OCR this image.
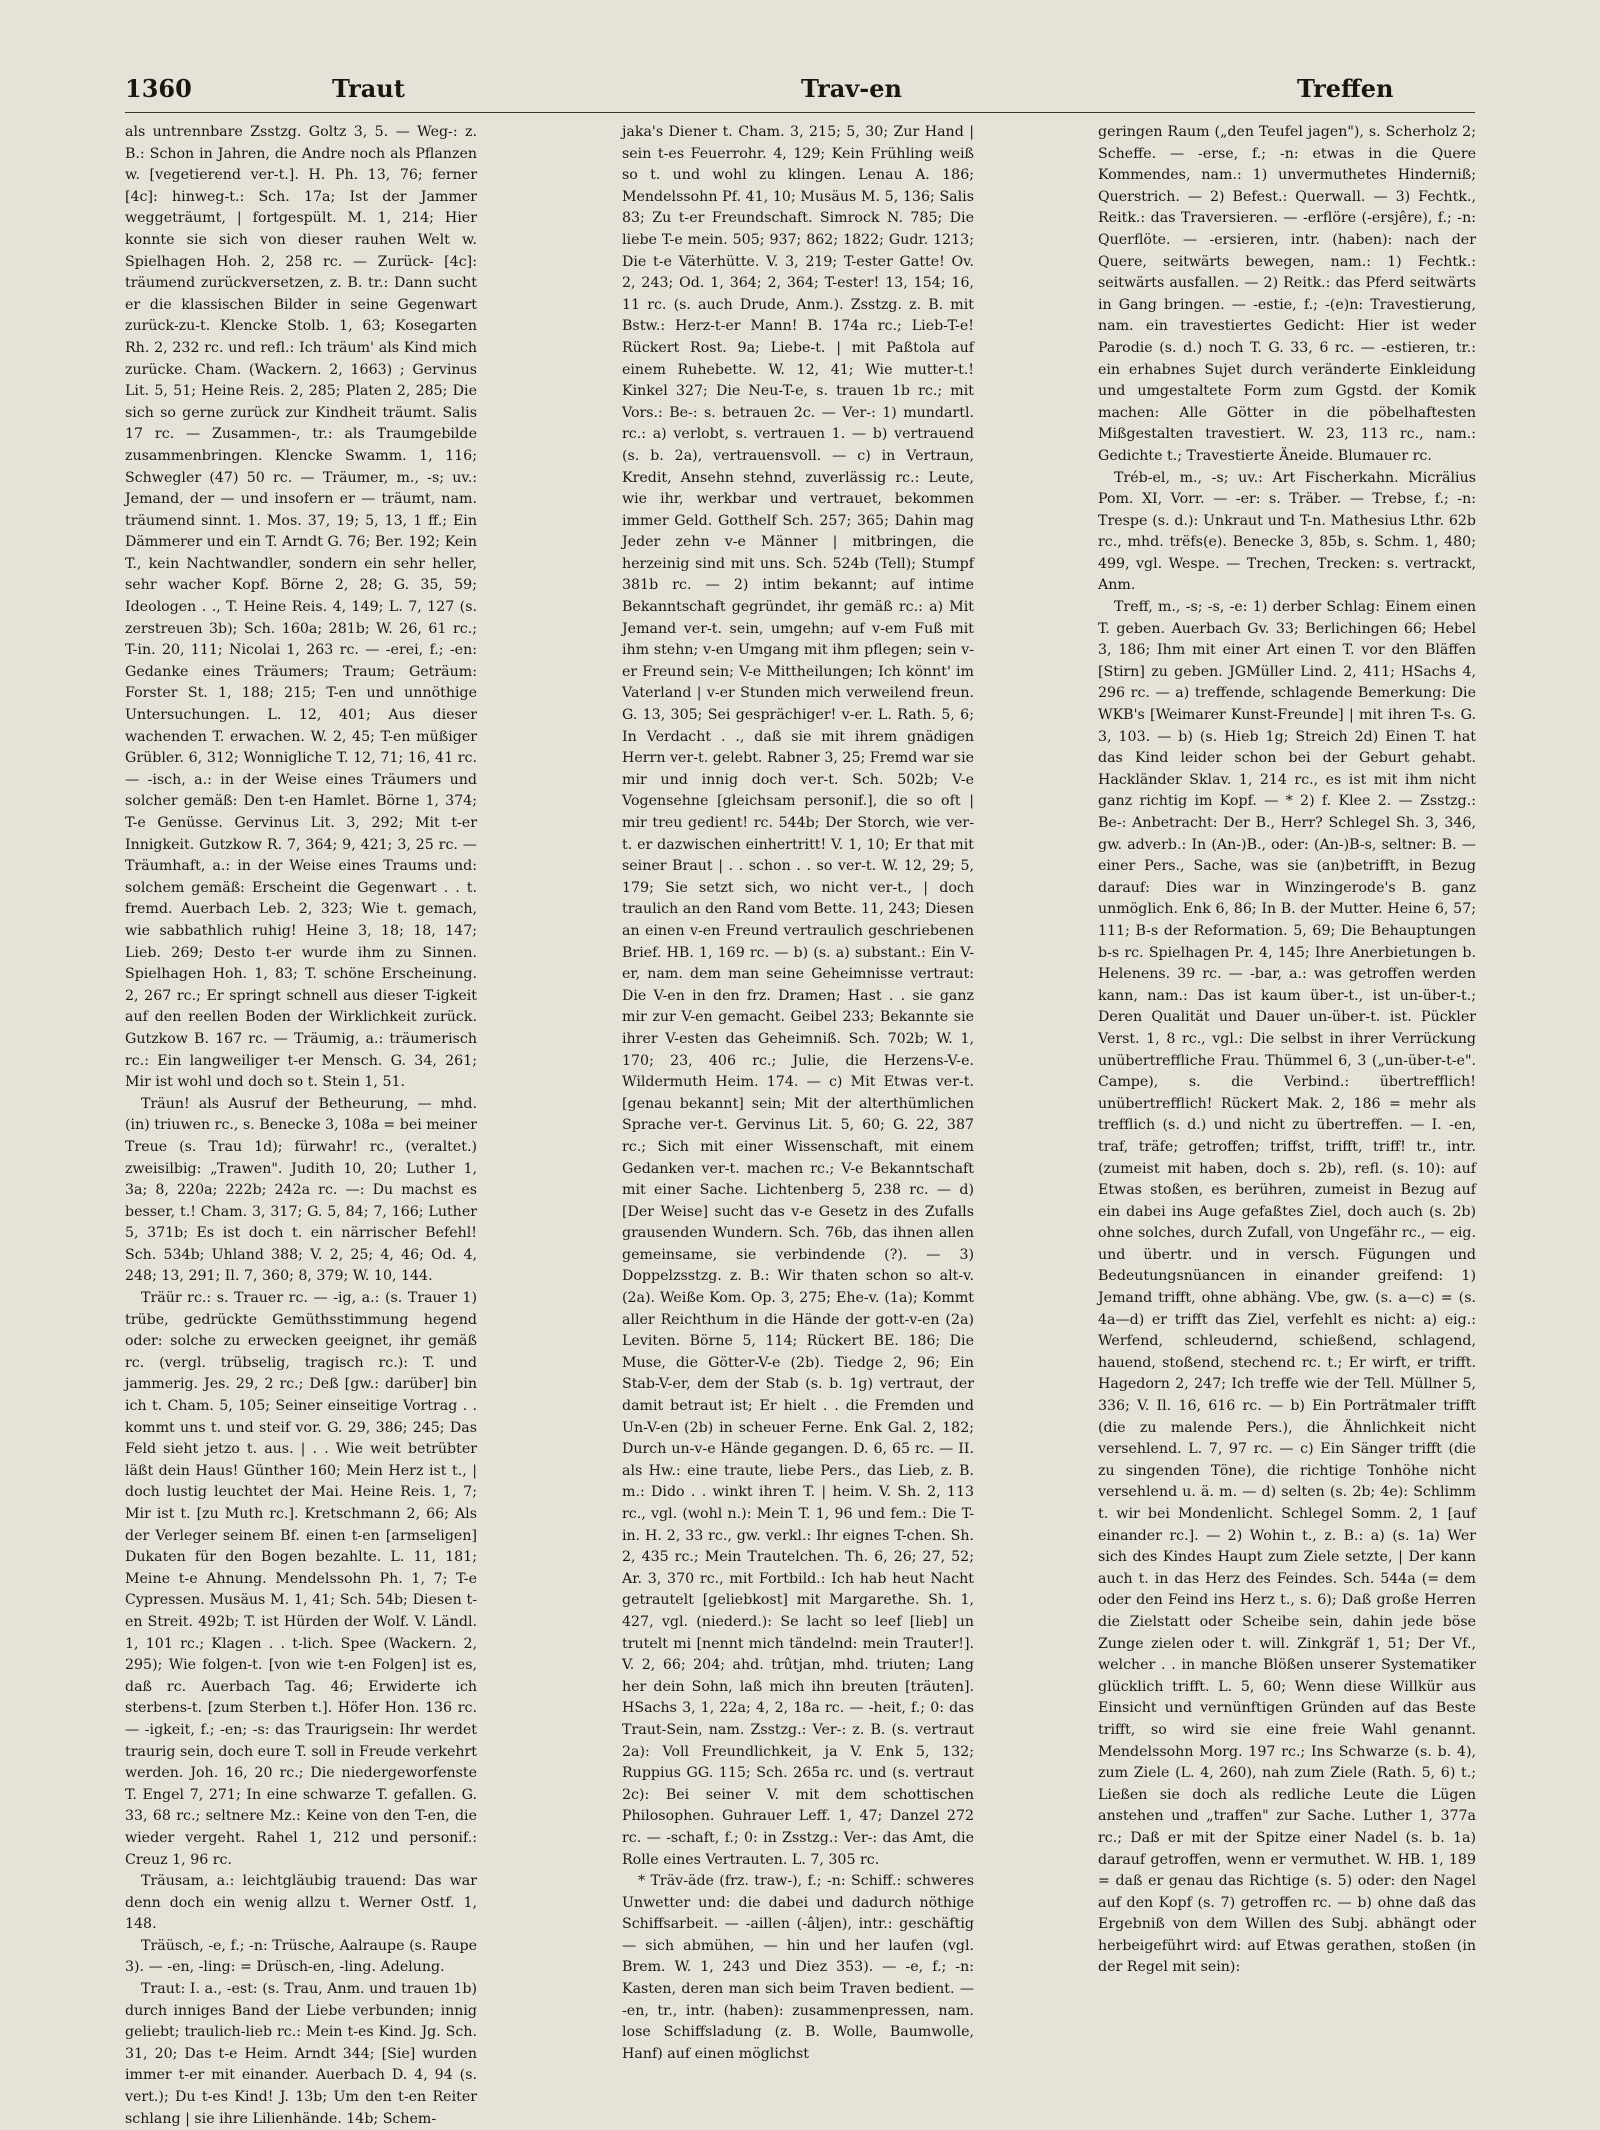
1360	Traut	Trav-en	Treffen

als untrennbare Zsstzg. Goltz 3, 5. — Weg-: z. B.: Schon in Jahren, die Andre noch als Pflanzen w. [vegetierend ver-t.]. H. Ph. 13, 76; ferner [4c]: hinweg-t.: Sch. 17a; Ist der Jammer weggeträumt, | fortgespült. M. 1, 214; Hier konnte sie sich von dieser rauhen Welt w. Spielhagen Hoh. 2, 258 rc. — Zurück- [4c]: träumend zurückversetzen, z. B. tr.: Dann sucht er die klassischen Bilder in seine Gegenwart zurück-zu-t. Klencke Stolb. 1, 63; Kosegarten Rh. 2, 232 rc. und refl.: Ich träum' als Kind mich zurücke. Cham. (Wackern. 2, 1663) ; Gervinus Lit. 5, 51; Heine Reis. 2, 285; Platen 2, 285; Die sich so gerne zurück zur Kindheit träumt. Salis 17 rc. — Zusammen-, tr.: als Traumgebilde zusammenbringen. Klencke Swamm. 1, 116; Schwegler (47) 50 rc. — Träumer, m., -s; uv.: Jemand, der — und insofern er — träumt, nam. träumend sinnt. 1. Mos. 37, 19; 5, 13, 1 ff.; Ein Dämmerer und ein T. Arndt G. 76; Ber. 192; Kein T., kein Nachtwandler, sondern ein sehr heller, sehr wacher Kopf. Börne 2, 28; G. 35, 59; Ideologen . ., T. Heine Reis. 4, 149; L. 7, 127 (s. zerstreuen 3b); Sch. 160a; 281b; W. 26, 61 rc.; T-in. 20, 111; Nicolai 1, 263 rc. — -erei, f.; -en: Gedanke eines Träumers; Traum; Geträum: Forster St. 1, 188; 215; T-en und unnöthige Untersuchungen. L. 12, 401; Aus dieser wachenden T. erwachen. W. 2, 45; T-en müßiger Grübler. 6, 312; Wonnigliche T. 12, 71; 16, 41 rc. — -isch, a.: in der Weise eines Träumers und solcher gemäß: Den t-en Hamlet. Börne 1, 374; T-e Genüsse. Gervinus Lit. 3, 292; Mit t-er Innigkeit. Gutzkow R. 7, 364; 9, 421; 3, 25 rc. — Träumhaft, a.: in der Weise eines Traums und: solchem gemäß: Erscheint die Gegenwart . . t. fremd. Auerbach Leb. 2, 323; Wie t. gemach, wie sabbathlich ruhig! Heine 3, 18; 18, 147; Lieb. 269; Desto t-er wurde ihm zu Sinnen. Spielhagen Hoh. 1, 83; T. schöne Erscheinung. 2, 267 rc.; Er springt schnell aus dieser T-igkeit auf den reellen Boden der Wirklichkeit zurück. Gutzkow B. 167 rc. — Träumig, a.: träumerisch rc.: Ein langweiliger t-er Mensch. G. 34, 261; Mir ist wohl und doch so t. Stein 1, 51.

Träun! als Ausruf der Betheurung, — mhd. (in) triuwen rc., s. Benecke 3, 108a = bei meiner Treue (s. Trau 1d); fürwahr! rc., (veraltet.) zweisilbig: „Trawen". Judith 10, 20; Luther 1, 3a; 8, 220a; 222b; 242a rc. —: Du machst es besser, t.! Cham. 3, 317; G. 5, 84; 7, 166; Luther 5, 371b; Es ist doch t. ein närrischer Befehl! Sch. 534b; Uhland 388; V. 2, 25; 4, 46; Od. 4, 248; 13, 291; Il. 7, 360; 8, 379; W. 10, 144.

Träür rc.: s. Trauer rc. — -ig, a.: (s. Trauer 1) trübe, gedrückte Gemüthsstimmung hegend oder: solche zu erwecken geeignet, ihr gemäß rc. (vergl. trübselig, tragisch rc.): T. und jammerig. Jes. 29, 2 rc.; Deß [gw.: darüber] bin ich t. Cham. 5, 105; Seiner einseitige Vortrag . . kommt uns t. und steif vor. G. 29, 386; 245; Das Feld sieht jetzo t. aus. | . . Wie weit betrübter läßt dein Haus! Günther 160; Mein Herz ist t., | doch lustig leuchtet der Mai. Heine Reis. 1, 7; Mir ist t. [zu Muth rc.]. Kretschmann 2, 66; Als der Verleger seinem Bf. einen t-en [armseligen] Dukaten für den Bogen bezahlte. L. 11, 181; Meine t-e Ahnung. Mendelssohn Ph. 1, 7; T-e Cypressen. Musäus M. 1, 41; Sch. 54b; Diesen t-en Streit. 492b; T. ist Hürden der Wolf. V. Ländl. 1, 101 rc.; Klagen . . t-lich. Spee (Wackern. 2, 295); Wie folgen-t. [von wie t-en Folgen] ist es, daß rc. Auerbach Tag. 46; Erwiderte ich sterbens-t. [zum Sterben t.]. Höfer Hon. 136 rc. — -igkeit, f.; -en; -s: das Traurigsein: Ihr werdet traurig sein, doch eure T. soll in Freude verkehrt werden. Joh. 16, 20 rc.; Die niedergeworfenste T. Engel 7, 271; In eine schwarze T. gefallen. G. 33, 68 rc.; seltnere Mz.: Keine von den T-en, die wieder vergeht. Rahel 1, 212 und personif.: Creuz 1, 96 rc.

Träusam, a.: leichtgläubig trauend: Das war denn doch ein wenig allzu t. Werner Ostf. 1, 148.

Träüsch, -e, f.; -n: Trüsche, Aalraupe (s. Raupe 3). — -en, -ling: = Drüsch-en, -ling. Adelung.

Traut: I. a., -est: (s. Trau, Anm. und trauen 1b) durch inniges Band der Liebe verbunden; innig geliebt; traulich-lieb rc.: Mein t-es Kind. Jg. Sch. 31, 20; Das t-e Heim. Arndt 344; [Sie] wurden immer t-er mit einander. Auerbach D. 4, 94 (s. vert.); Du t-es Kind! J. 13b; Um den t-en Reiter schlang | sie ihre Lilienhände. 14b; Schem-

jaka's Diener t. Cham. 3, 215; 5, 30; Zur Hand | sein t-es Feuerrohr. 4, 129; Kein Frühling weiß so t. und wohl zu klingen. Lenau A. 186; Mendelssohn Pf. 41, 10; Musäus M. 5, 136; Salis 83; Zu t-er Freundschaft. Simrock N. 785; Die liebe T-e mein. 505; 937; 862; 1822; Gudr. 1213; Die t-e Väterhütte. V. 3, 219; T-ester Gatte! Ov. 2, 243; Od. 1, 364; 2, 364; T-ester! 13, 154; 16, 11 rc. (s. auch Drude, Anm.). Zsstzg. z. B. mit Bstw.: Herz-t-er Mann! B. 174a rc.; Lieb-T-e! Rückert Rost. 9a; Liebe-t. | mit Paßtola auf einem Ruhebette. W. 12, 41; Wie mutter-t.! Kinkel 327; Die Neu-T-e, s. trauen 1b rc.; mit Vors.: Be-: s. betrauen 2c. — Ver-: 1) mundartl. rc.: a) verlobt, s. vertrauen 1. — b) vertrauend (s. b. 2a), vertrauensvoll. — c) in Vertraun, Kredit, Ansehn stehnd, zuverlässig rc.: Leute, wie ihr, werkbar und vertrauet, bekommen immer Geld. Gotthelf Sch. 257; 365; Dahin mag Jeder zehn v-e Männer | mitbringen, die herzeinig sind mit uns. Sch. 524b (Tell); Stumpf 381b rc. — 2) intim bekannt; auf intime Bekanntschaft gegründet, ihr gemäß rc.: a) Mit Jemand ver-t. sein, umgehn; auf v-em Fuß mit ihm stehn; v-en Umgang mit ihm pflegen; sein v-er Freund sein; V-e Mittheilungen; Ich könnt' im Vaterland | v-er Stunden mich verweilend freun. G. 13, 305; Sei gesprächiger! v-er. L. Rath. 5, 6; In Verdacht . ., daß sie mit ihrem gnädigen Herrn ver-t. gelebt. Rabner 3, 25; Fremd war sie mir und innig doch ver-t. Sch. 502b; V-e Vogensehne [gleichsam personif.], die so oft | mir treu gedient! rc. 544b; Der Storch, wie ver-t. er dazwischen einhertritt! V. 1, 10; Er that mit seiner Braut | . . schon . . so ver-t. W. 12, 29; 5, 179; Sie setzt sich, wo nicht ver-t., | doch traulich an den Rand vom Bette. 11, 243; Diesen an einen v-en Freund vertraulich geschriebenen Brief. HB. 1, 169 rc. — b) (s. a) substant.: Ein V-er, nam. dem man seine Geheimnisse vertraut: Die V-en in den frz. Dramen; Hast . . sie ganz mir zur V-en gemacht. Geibel 233; Bekannte sie ihrer V-esten das Geheimniß. Sch. 702b; W. 1, 170; 23, 406 rc.; Julie, die Herzens-V-e. Wildermuth Heim. 174. — c) Mit Etwas ver-t. [genau bekannt] sein; Mit der alterthümlichen Sprache ver-t. Gervinus Lit. 5, 60; G. 22, 387 rc.; Sich mit einer Wissenschaft, mit einem Gedanken ver-t. machen rc.; V-e Bekanntschaft mit einer Sache. Lichtenberg 5, 238 rc. — d) [Der Weise] sucht das v-e Gesetz in des Zufalls grausenden Wundern. Sch. 76b, das ihnen allen gemeinsame, sie verbindende (?). — 3) Doppelzsstzg. z. B.: Wir thaten schon so alt-v. (2a). Weiße Kom. Op. 3, 275; Ehe-v. (1a); Kommt aller Reichthum in die Hände der gott-v-en (2a) Leviten. Börne 5, 114; Rückert BE. 186; Die Muse, die Götter-V-e (2b). Tiedge 2, 96; Ein Stab-V-er, dem der Stab (s. b. 1g) vertraut, der damit betraut ist; Er hielt . . die Fremden und Un-V-en (2b) in scheuer Ferne. Enk Gal. 2, 182; Durch un-v-e Hände gegangen. D. 6, 65 rc. — II. als Hw.: eine traute, liebe Pers., das Lieb, z. B. m.: Dido . . winkt ihren T. | heim. V. Sh. 2, 113 rc., vgl. (wohl n.): Mein T. 1, 96 und fem.: Die T-in. H. 2, 33 rc., gw. verkl.: Ihr eignes T-chen. Sh. 2, 435 rc.; Mein Trautelchen. Th. 6, 26; 27, 52; Ar. 3, 370 rc., mit Fortbild.: Ich hab heut Nacht getrautelt [geliebkost] mit Margarethe. Sh. 1, 427, vgl. (niederd.): Se lacht so leef [lieb] un trutelt mi [nennt mich tändelnd: mein Trauter!]. V. 2, 66; 204; ahd. trûtjan, mhd. triuten; Lang her dein Sohn, laß mich ihn breuten [träuten]. HSachs 3, 1, 22a; 4, 2, 18a rc. — -heit, f.; 0: das Traut-Sein, nam. Zsstzg.: Ver-: z. B. (s. vertraut 2a): Voll Freundlichkeit, ja V. Enk 5, 132; Ruppius GG. 115; Sch. 265a rc. und (s. vertraut 2c): Bei seiner V. mit dem schottischen Philosophen. Guhrauer Leff. 1, 47; Danzel 272 rc. — -schaft, f.; 0: in Zsstzg.: Ver-: das Amt, die Rolle eines Vertrauten. L. 7, 305 rc.

* Träv-äde (frz. traw-), f.; -n: Schiff.: schweres Unwetter und: die dabei und dadurch nöthige Schiffsarbeit. — -aillen (-âljen), intr.: geschäftig — sich abmühen, — hin und her laufen (vgl. Brem. W. 1, 243 und Diez 353). — -e, f.; -n: Kasten, deren man sich beim Traven bedient. — -en, tr., intr. (haben): zusammenpressen, nam. lose Schiffsladung (z. B. Wolle, Baumwolle, Hanf) auf einen möglichst

geringen Raum („den Teufel jagen"), s. Scherholz 2; Scheffe. — -erse, f.; -n: etwas in die Quere Kommendes, nam.: 1) unvermuthetes Hinderniß; Querstrich. — 2) Befest.: Querwall. — 3) Fechtk., Reitk.: das Traversieren. — -erflöre (-ersjêre), f.; -n: Querflöte. — -ersieren, intr. (haben): nach der Quere, seitwärts bewegen, nam.: 1) Fechtk.: seitwärts ausfallen. — 2) Reitk.: das Pferd seitwärts in Gang bringen. — -estie, f.; -(e)n: Travestierung, nam. ein travestiertes Gedicht: Hier ist weder Parodie (s. d.) noch T. G. 33, 6 rc. — -estieren, tr.: ein erhabnes Sujet durch veränderte Einkleidung und umgestaltete Form zum Ggstd. der Komik machen: Alle Götter in die pöbelhaftesten Mißgestalten travestiert. W. 23, 113 rc., nam.: Gedichte t.; Travestierte Äneide. Blumauer rc.

Tréb-el, m., -s; uv.: Art Fischerkahn. Micrälius Pom. XI, Vorr. — -er: s. Träber. — Trebse, f.; -n: Trespe (s. d.): Unkraut und T-n. Mathesius Lthr. 62b rc., mhd. trëfs(e). Benecke 3, 85b, s. Schm. 1, 480; 499, vgl. Wespe. — Trechen, Trecken: s. vertrackt, Anm.

Treff, m., -s; -s, -e: 1) derber Schlag: Einem einen T. geben. Auerbach Gv. 33; Berlichingen 66; Hebel 3, 186; Ihm mit einer Art einen T. vor den Bläffen [Stirn] zu geben. JGMüller Lind. 2, 411; HSachs 4, 296 rc. — a) treffende, schlagende Bemerkung: Die WKB's [Weimarer Kunst-Freunde] | mit ihren T-s. G. 3, 103. — b) (s. Hieb 1g; Streich 2d) Einen T. hat das Kind leider schon bei der Geburt gehabt. Hackländer Sklav. 1, 214 rc., es ist mit ihm nicht ganz richtig im Kopf. — * 2) f. Klee 2. — Zsstzg.: Be-: Anbetracht: Der B., Herr? Schlegel Sh. 3, 346, gw. adverb.: In (An-)B., oder: (An-)B-s, seltner: B. — einer Pers., Sache, was sie (an)betrifft, in Bezug darauf: Dies war in Winzingerode's B. ganz unmöglich. Enk 6, 86; In B. der Mutter. Heine 6, 57; 111; B-s der Reformation. 5, 69; Die Behauptungen b-s rc. Spielhagen Pr. 4, 145; Ihre Anerbietungen b. Helenens. 39 rc. — -bar, a.: was getroffen werden kann, nam.: Das ist kaum über-t., ist un-über-t.; Deren Qualität und Dauer un-über-t. ist. Pückler Verst. 1, 8 rc., vgl.: Die selbst in ihrer Verrückung unübertreffliche Frau. Thümmel 6, 3 („un-über-t-e". Campe), s. die Verbind.: übertrefflich! unübertrefflich! Rückert Mak. 2, 186 = mehr als trefflich (s. d.) und nicht zu übertreffen. — I. -en, traf, träfe; getroffen; triffst, trifft, triff! tr., intr. (zumeist mit haben, doch s. 2b), refl. (s. 10): auf Etwas stoßen, es berühren, zumeist in Bezug auf ein dabei ins Auge gefaßtes Ziel, doch auch (s. 2b) ohne solches, durch Zufall, von Ungefähr rc., — eig. und übertr. und in versch. Fügungen und Bedeutungsnüancen in einander greifend: 1) Jemand trifft, ohne abhäng. Vbe, gw. (s. a—c) = (s. 4a—d) er trifft das Ziel, verfehlt es nicht: a) eig.: Werfend, schleudernd, schießend, schlagend, hauend, stoßend, stechend rc. t.; Er wirft, er trifft. Hagedorn 2, 247; Ich treffe wie der Tell. Müllner 5, 336; V. Il. 16, 616 rc. — b) Ein Porträtmaler trifft (die zu malende Pers.), die Ähnlichkeit nicht versehlend. L. 7, 97 rc. — c) Ein Sänger trifft (die zu singenden Töne), die richtige Tonhöhe nicht versehlend u. ä. m. — d) selten (s. 2b; 4e): Schlimm t. wir bei Mondenlicht. Schlegel Somm. 2, 1 [auf einander rc.]. — 2) Wohin t., z. B.: a) (s. 1a) Wer sich des Kindes Haupt zum Ziele setzte, | Der kann auch t. in das Herz des Feindes. Sch. 544a (= dem oder den Feind ins Herz t., s. 6); Daß große Herren die Zielstatt oder Scheibe sein, dahin jede böse Zunge zielen oder t. will. Zinkgräf 1, 51; Der Vf., welcher . . in manche Blößen unserer Systematiker glücklich trifft. L. 5, 60; Wenn diese Willkür aus Einsicht und vernünftigen Gründen auf das Beste trifft, so wird sie eine freie Wahl genannt. Mendelssohn Morg. 197 rc.; Ins Schwarze (s. b. 4), zum Ziele (L. 4, 260), nah zum Ziele (Rath. 5, 6) t.; Ließen sie doch als redliche Leute die Lügen anstehen und „traffen" zur Sache. Luther 1, 377a rc.; Daß er mit der Spitze einer Nadel (s. b. 1a) darauf getroffen, wenn er vermuthet. W. HB. 1, 189 = daß er genau das Richtige (s. 5) oder: den Nagel auf den Kopf (s. 7) getroffen rc. — b) ohne daß das Ergebniß von dem Willen des Subj. abhängt oder herbeigeführt wird: auf Etwas gerathen, stoßen (in der Regel mit sein):
